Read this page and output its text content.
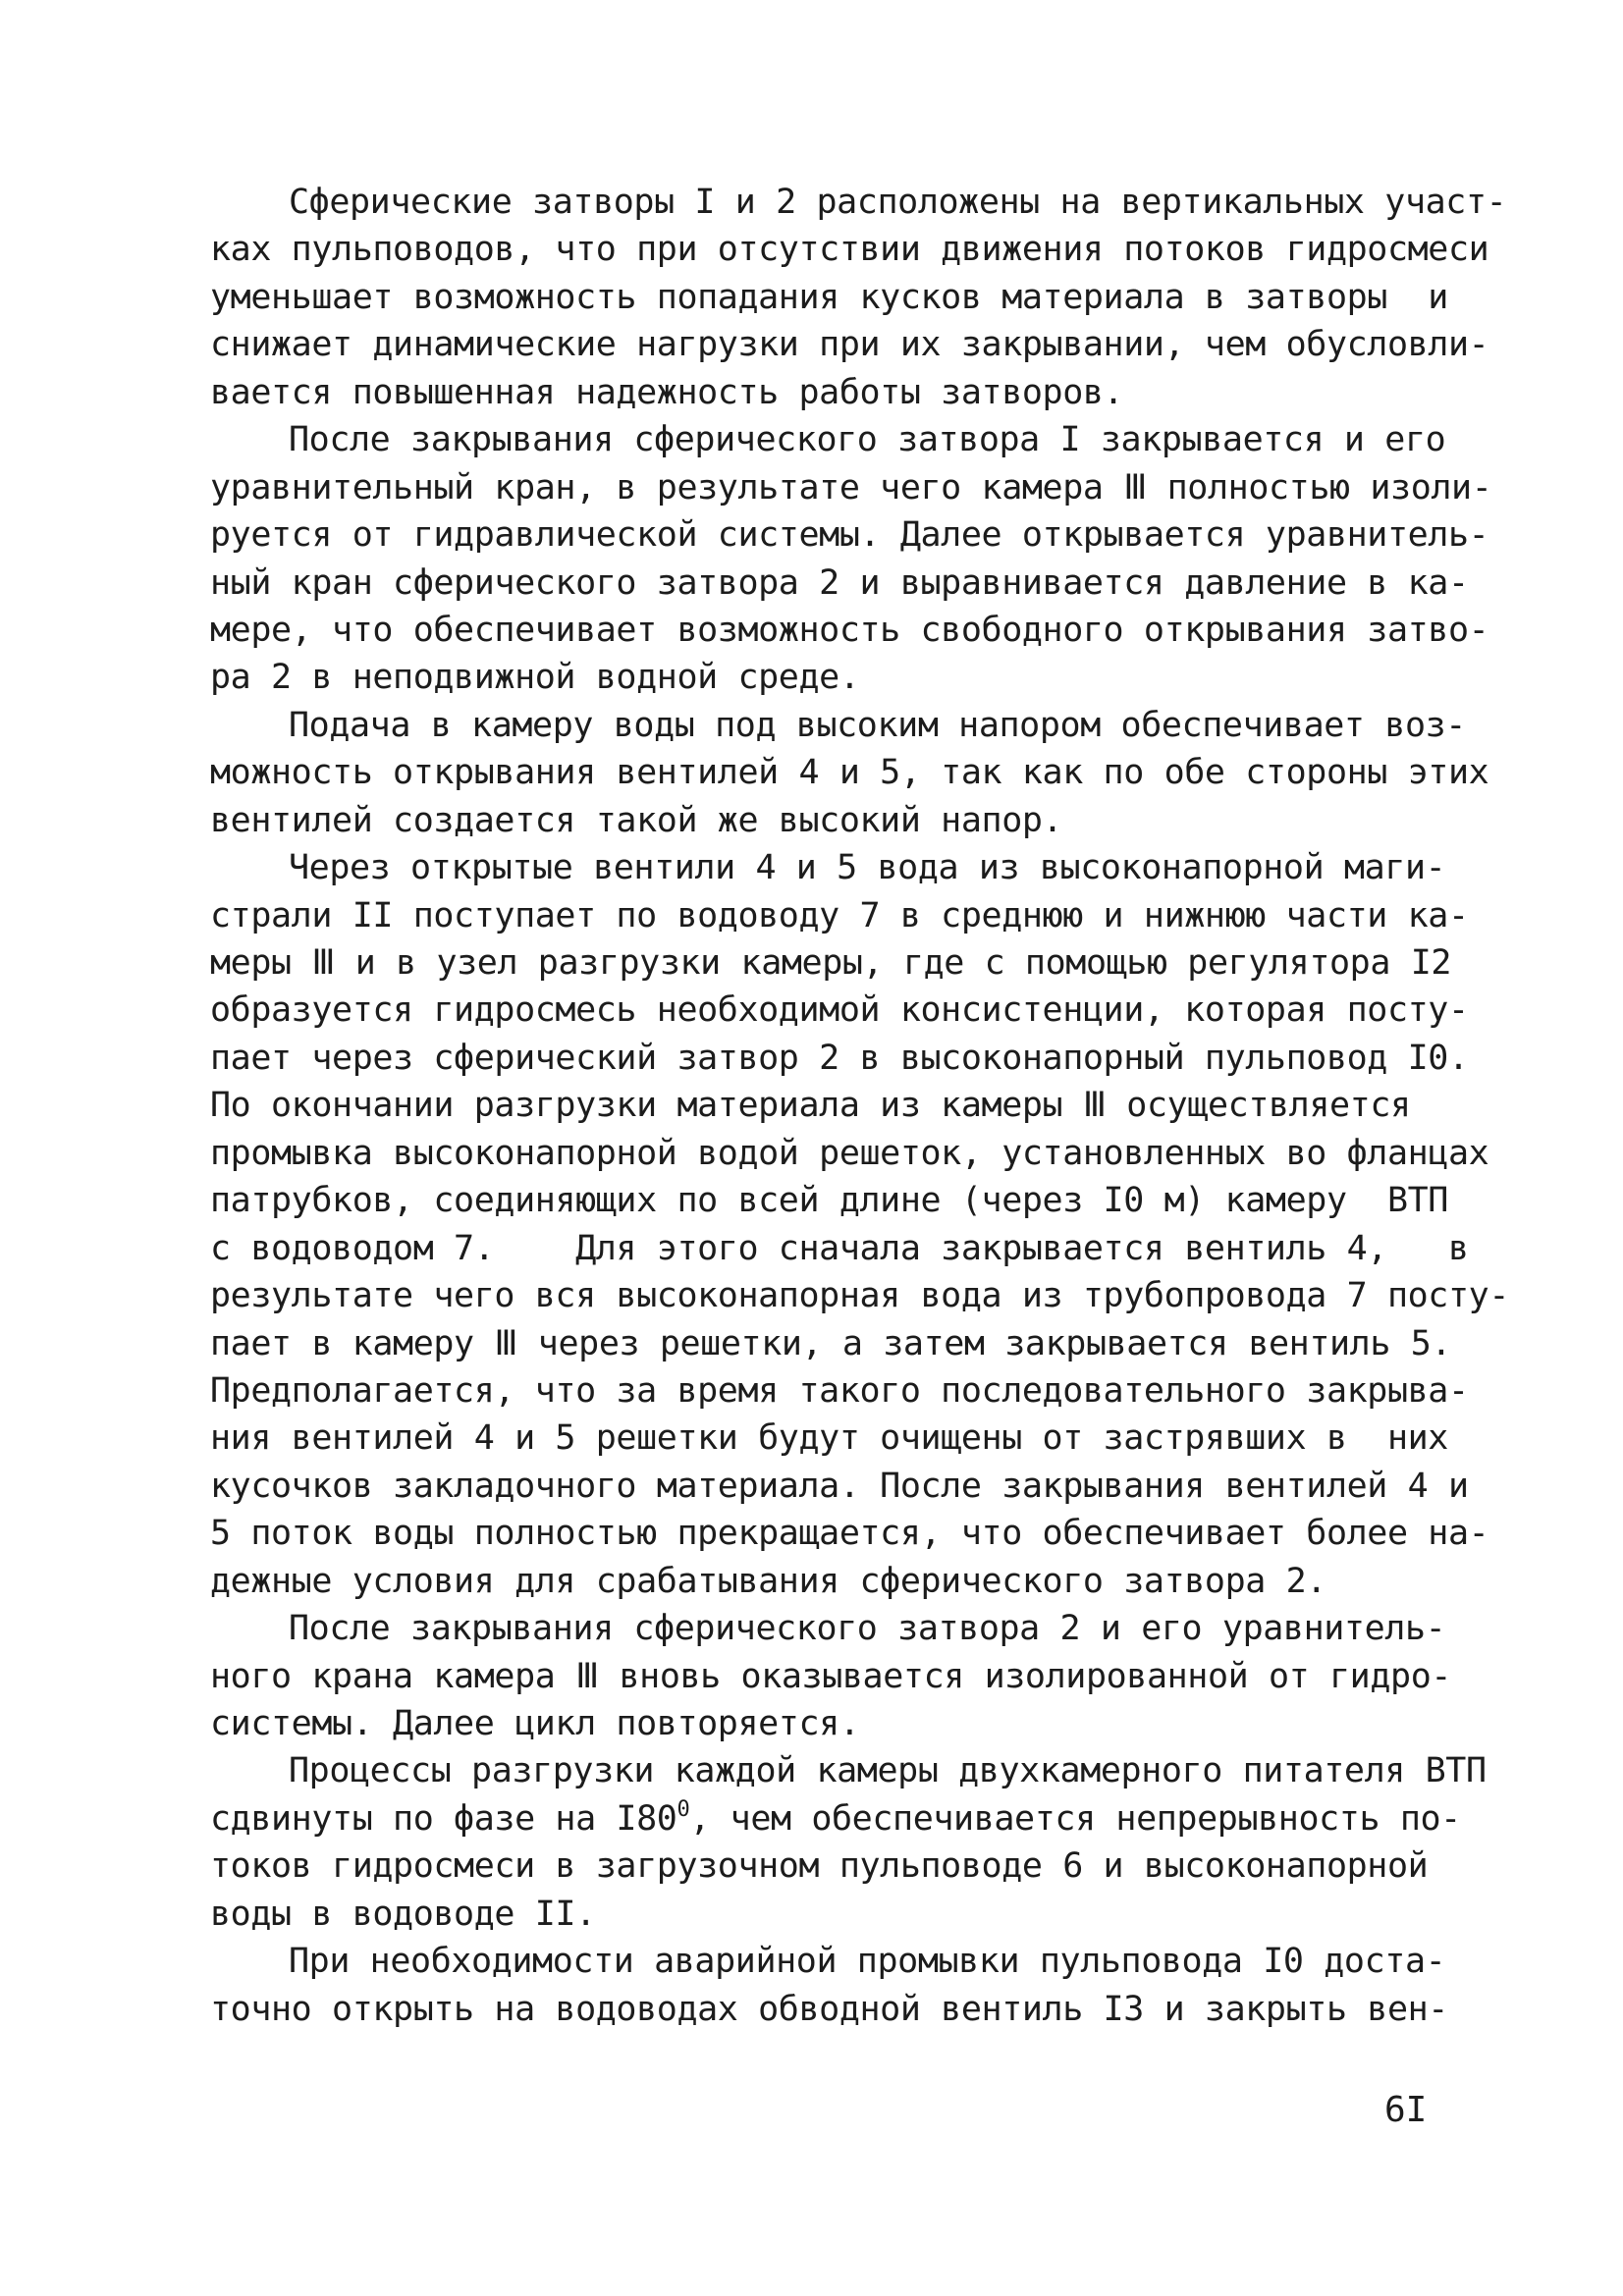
Сферические затворы I и 2 расположены на вертикальных участ-
ках пульповодов, что при отсутствии движения потоков гидросмеси
уменьшает возможность попадания кусков материала в затворы  и
снижает динамические нагрузки при их закрывании, чем обусловли-
вается повышенная надежность работы затворов.
После закрывания сферического затвора I закрывается и его
уравнительный кран, в результате чего камера Ⅲ полностью изоли-
руется от гидравлической системы. Далее открывается уравнитель-
ный кран сферического затвора 2 и выравнивается давление в ка-
мере, что обеспечивает возможность свободного открывания затво-
ра 2 в неподвижной водной среде.
Подача в камеру воды под высоким напором обеспечивает воз-
можность открывания вентилей 4 и 5, так как по обе стороны этих
вентилей создается такой же высокий напор.
Через открытые вентили 4 и 5 вода из высоконапорной маги-
страли II поступает по водоводу 7 в среднюю и нижнюю части ка-
меры Ⅲ и в узел разгрузки камеры, где с помощью регулятора I2
образуется гидросмесь необходимой консистенции, которая посту-
пает через сферический затвор 2 в высоконапорный пульповод I0.
По окончании разгрузки материала из камеры Ⅲ осуществляется
промывка высоконапорной водой решеток, установленных во фланцах
патрубков, соединяющих по всей длине (через I0 м) камеру  ВТП
с водоводом 7.    Для этого сначала закрывается вентиль 4,   в
результате чего вся высоконапорная вода из трубопровода 7 посту-
пает в камеру Ⅲ через решетки, а затем закрывается вентиль 5.
Предполагается, что за время такого последовательного закрыва-
ния вентилей 4 и 5 решетки будут очищены от застрявших в  них
кусочков закладочного материала. После закрывания вентилей 4 и
5 поток воды полностью прекращается, что обеспечивает более на-
дежные условия для срабатывания сферического затвора 2.
После закрывания сферического затвора 2 и его уравнитель-
ного крана камера Ⅲ вновь оказывается изолированной от гидро-
системы. Далее цикл повторяется.
Процессы разгрузки каждой камеры двухкамерного питателя ВТП
сдвинуты по фазе на $I80^0$, чем обеспечивается непрерывность по-
токов гидросмеси в загрузочном пульповоде 6 и высоконапорной
воды в водоводе II.
При необходимости аварийной промывки пульповода I0 доста-
точно открыть на водоводах обводной вентиль I3 и закрыть вен-
6I
